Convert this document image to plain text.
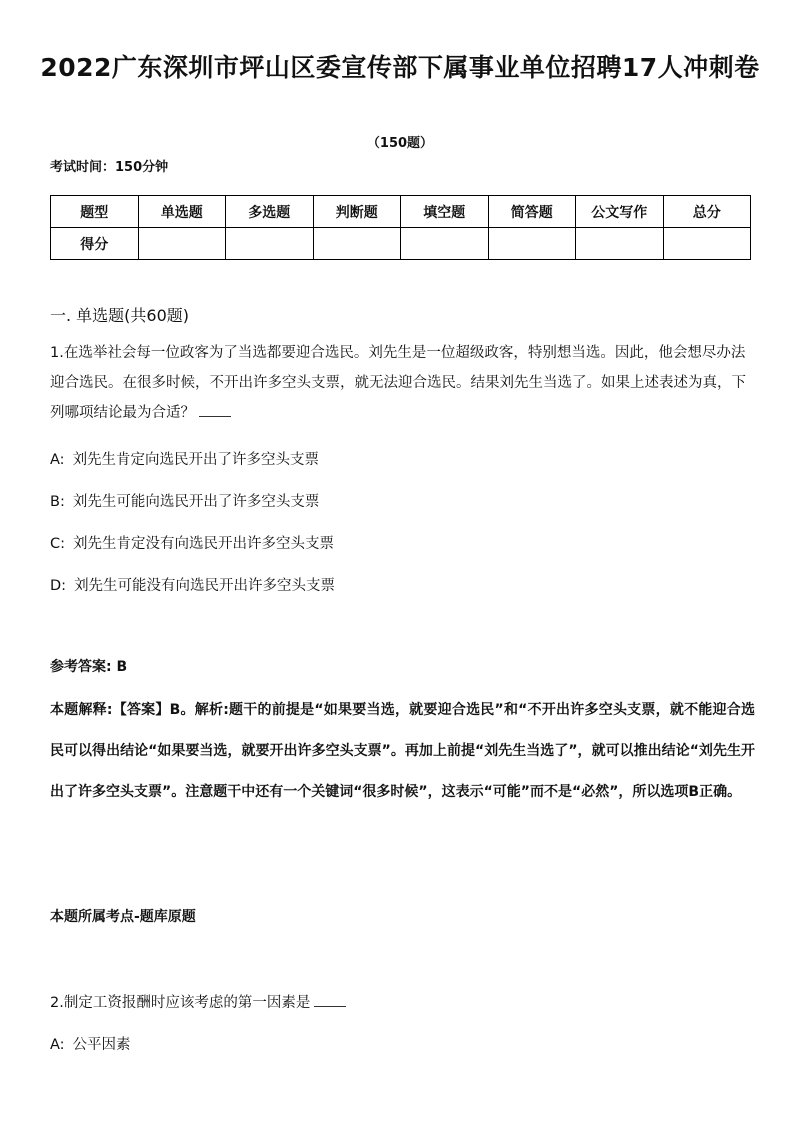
2022广东深圳市坪山区委宣传部下属事业单位招聘17人冲刺卷
（150题）
考试时间：150分钟
题型	单选题	多选题	判断题	填空题	简答题	公文写作	总分
得分							
一. 单选题(共60题)
1.在选举社会每一位政客为了当选都要迎合选民。刘先生是一位超级政客，特别想当选。因此，他会想尽办法迎合选民。在很多时候，不开出许多空头支票，就无法迎合选民。结果刘先生当选了。如果上述表述为真，下列哪项结论最为合适？
A: 刘先生肯定向选民开出了许多空头支票
B: 刘先生可能向选民开出了许多空头支票
C: 刘先生肯定没有向选民开出许多空头支票
D: 刘先生可能没有向选民开出许多空头支票
参考答案: B
本题解释:【答案】B。解析:题干的前提是“如果要当选，就要迎合选民”和“不开出许多空头支票，就不能迎合选民可以得出结论“如果要当选，就要开出许多空头支票”。再加上前提“刘先生当选了”，就可以推出结论“刘先生开出了许多空头支票”。注意题干中还有一个关键词“很多时候”，这表示“可能”而不是“必然”，所以选项B正确。
本题所属考点-题库原题
2.制定工资报酬时应该考虑的第一因素是
A: 公平因素
